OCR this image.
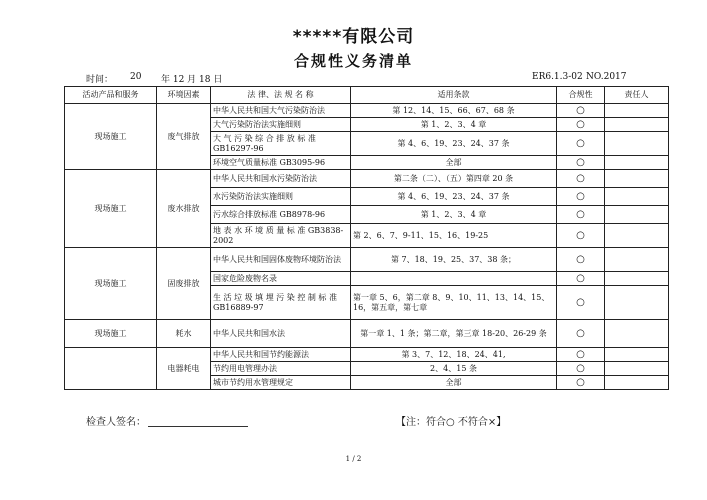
*****有限公司
合规性义务清单
时间： 20 年 12 月 18 日	ER6.1.3-02 NO.2017
活动产品和服务	环境因素	法 律、法 规 名 称	适用条款	合规性	责任人
现场施工	废气排放	中华人民共和国大气污染防治法	第 12、14、15、66、67、68 条	○	
		大气污染防治法实施细则	第 1、2、3、4 章	○	
		大 气 污 染 综 合 排 放 标 准 GB16297-96	第 4、6、19、23、24、37 条	○	
		环境空气质量标准 GB3095-96	全部	○	
现场施工	废水排放	中华人民共和国水污染防治法	第二条（二）、（五）第四章 20 条	○	
		水污染防治法实施细则	第 4、6、19、23、24、37 条	○	
		污水综合排放标准 GB8978-96	第 1、2、3、4 章	○	
		地 表 水 环 境 质 量 标 准 GB3838-2002	第 2、6、7、9-11、15、16、19-25	○	
现场施工	固废排放	中华人民共和国固体废物环境防治法	第 7、18、19、25、37、38 条；	○	
		国家危险废物名录		○	
		生 活 垃 圾 填 埋 污 染 控 制 标 准 GB16889-97	第一章 5、6，第二章 8、9、10、11、13、14、15、16，第五章，第七章	○	
现场施工	耗水	中华人民共和国水法	第一章 1、1 条；第二章，第三章 18-20、26-29 条	○	
	电器耗电	中华人民共和国节约能源法	第 3、7、12、18、24、41,	○	
		节约用电管理办法	2、4、15 条	○	
		城市节约用水管理规定	全部	○	
检查人签名：	【注：符合○ 不符合×】
1 / 2
